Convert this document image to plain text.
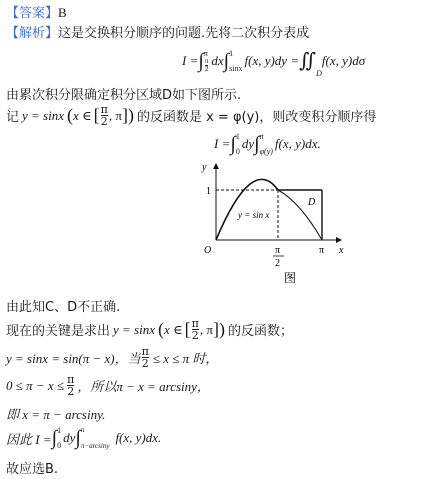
【答案】B
【解析】这是交换积分顺序的问题.先将二次积分表成
I = ∫ π
$\frac{\pi}{2}$ dx ∫ 1
sinx
f(x, y)dy = ∬
D
f(x, y)dσ
由累次积分限确定积分区域D如下图所示.
记 y = sinx ( x ∈ [ $\frac{\pi}{2}$ , π ]) 的反函数是 x = φ(y)，则改变积分顺序得
I = ∫ 1
0
dy ∫ π
φ(y)
f(x, y)dx.
y
x
O
1
π
π
2
D
y = sin x
图
由此知C、D不正确.
现在的关键是求出 y = sinx ( x ∈ [ $\frac{\pi}{2}$ , π ]) 的反函数；
y = sinx = sin(π − x)，当 $\frac{\pi}{2} \le x \le \pi$ 时，
$0 \le \pi - x \le \frac{\pi}{2}$ ，所以π − x = arcsiny，
即 x = π − arcsiny.
因此 I = ∫ 1
0
dy ∫ π
π−arcsiny
f(x, y)dx.
故应选B.
